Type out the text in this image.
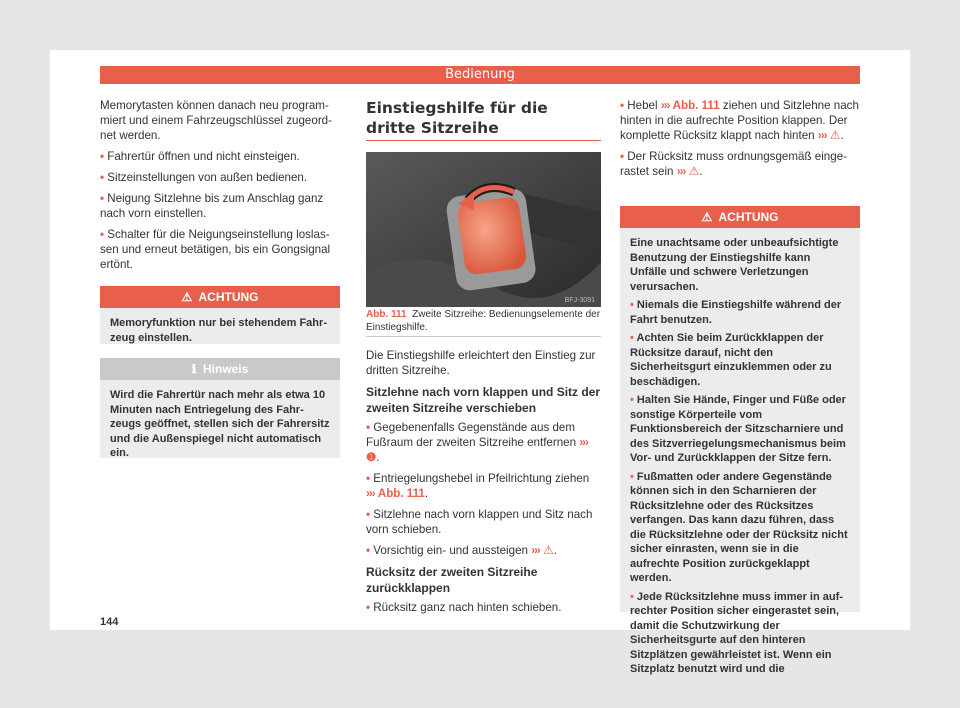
Bedienung

Memorytasten können danach neu programmiert und einem Fahrzeugschlüssel zugeordnet werden.

• Fahrertür öffnen und nicht einsteigen.

• Sitzeinstellungen von außen bedienen.

• Neigung Sitzlehne bis zum Anschlag ganz nach vorn einstellen.

• Schalter für die Neigungseinstellung loslassen und erneut betätigen, bis ein Gongsignal ertönt.

⚠ ACHTUNG
Memoryfunktion nur bei stehendem Fahrzeug einstellen.
ℹ Hinweis
Wird die Fahrertür nach mehr als etwa 10 Minuten nach Entriegelung des Fahrzeugs geöffnet, stellen sich der Fahrersitz und die Außenspiegel nicht automatisch ein.
Einstiegshilfe für die dritte Sitzreihe
BFJ-3091
Abb. 111 Zweite Sitzreihe: Bedienungselemente der Einstiegshilfe.

Die Einstiegshilfe erleichtert den Einstieg zur dritten Sitzreihe.

Sitzlehne nach vorn klappen und Sitz der zweiten Sitzreihe verschieben

• Gegebenenfalls Gegenstände aus dem Fußraum der zweiten Sitzreihe entfernen ››› ❶.

• Entriegelungshebel in Pfeilrichtung ziehen ››› Abb. 111.

• Sitzlehne nach vorn klappen und Sitz nach vorn schieben.

• Vorsichtig ein- und aussteigen ››› ⚠.

Rücksitz der zweiten Sitzreihe zurückklappen

• Rücksitz ganz nach hinten schieben.

• Hebel ››› Abb. 111 ziehen und Sitzlehne nach hinten in die aufrechte Position klappen. Der komplette Rücksitz klappt nach hinten ››› ⚠.

• Der Rücksitz muss ordnungsgemäß eingerastet sein ››› ⚠.

⚠ ACHTUNG

Eine unachtsame oder unbeaufsichtigte Benutzung der Einstiegshilfe kann Unfälle und schwere Verletzungen verursachen.

• Niemals die Einstiegshilfe während der Fahrt benutzen.

• Achten Sie beim Zurückklappen der Rücksitze darauf, nicht den Sicherheitsgurt einzuklemmen oder zu beschädigen.

• Halten Sie Hände, Finger und Füße oder sonstige Körperteile vom Funktionsbereich der Sitzscharniere und des Sitzverriegelungsmechanismus beim Vor- und Zurückklappen der Sitze fern.

• Fußmatten oder andere Gegenstände können sich in den Scharnieren der Rücksitzlehne oder des Rücksitzes verfangen. Das kann dazu führen, dass die Rücksitzlehne oder der Rücksitz nicht sicher einrasten, wenn sie in die aufrechte Position zurückgeklappt werden.

• Jede Rücksitzlehne muss immer in aufrechter Position sicher eingerastet sein, damit die Schutzwirkung der Sicherheitsgurte auf den hinteren Sitzplätzen gewährleistet ist. Wenn ein Sitzplatz benutzt wird und die

144
